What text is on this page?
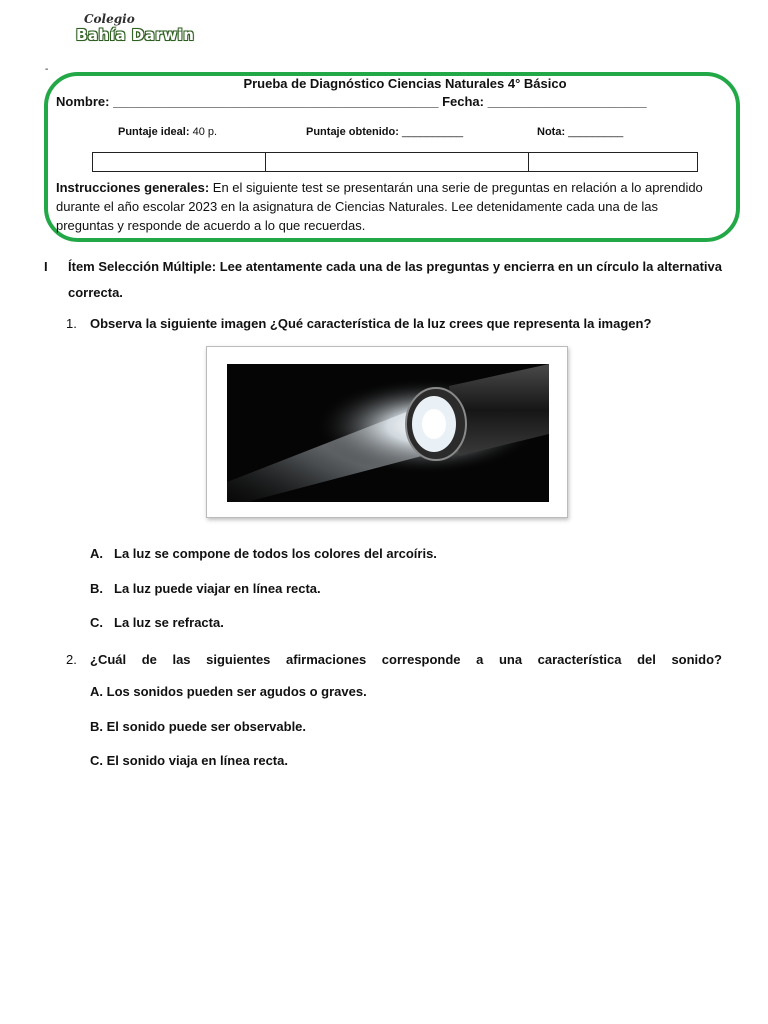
Colegio
Bahía Darwin
-
Prueba de Diagnóstico Ciencias Naturales 4° Básico
Nombre: _____________________________________________ Fecha: ______________________
Puntaje ideal: 40 p.	Puntaje obtenido: __________	Nota: _________

Instrucciones generales: En el siguiente test se presentarán una serie de preguntas en relación a lo aprendido durante el año escolar 2023 en la asignatura de Ciencias Naturales. Lee detenidamente cada una de las preguntas y responde de acuerdo a lo que recuerdas.
I Ítem Selección Múltiple: Lee atentamente cada una de las preguntas y encierra en un círculo la alternativa correcta.
1. Observa la siguiente imagen ¿Qué característica de la luz crees que representa la imagen?
A. La luz se compone de todos los colores del arcoíris.
B. La luz puede viajar en línea recta.
C. La luz se refracta.
2. ¿Cuál de las siguientes afirmaciones corresponde a una característica del sonido?
A. Los sonidos pueden ser agudos o graves.
B. El sonido puede ser observable.
C. El sonido viaja en línea recta.
